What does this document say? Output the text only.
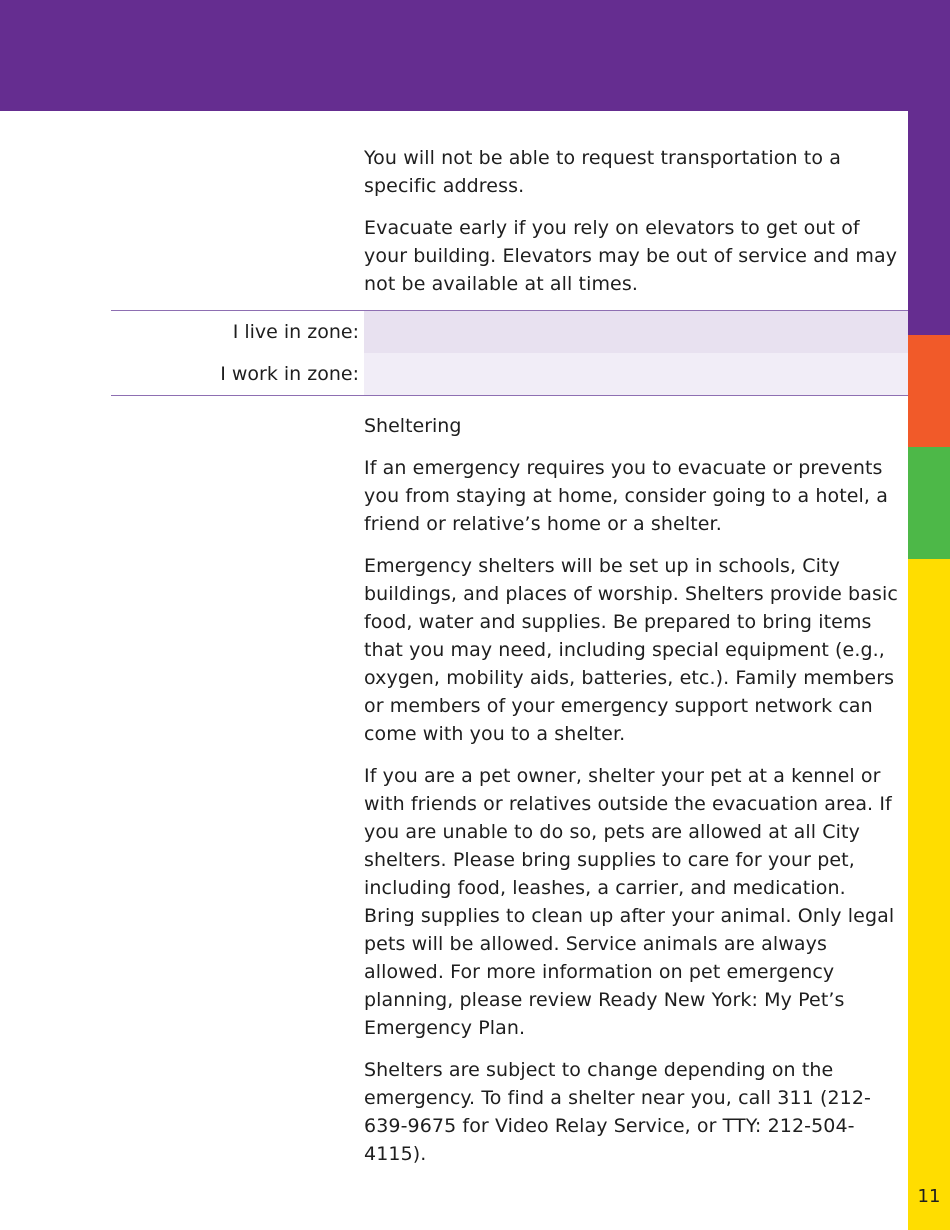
11

You will not be able to request transportation to a specific address.

Evacuate early if you rely on elevators to get out of your building. Elevators may be out of service and may not be available at all times.

I live in zone:
I work in zone:
Sheltering

If an emergency requires you to evacuate or prevents you from staying at home, consider going to a hotel, a friend or relative’s home or a shelter.

Emergency shelters will be set up in schools, City buildings, and places of worship. Shelters provide basic food, water and supplies. Be prepared to bring items that you may need, including special equipment (e.g., oxygen, mobility aids, batteries, etc.). Family members or members of your emergency support network can come with you to a shelter.

If you are a pet owner, shelter your pet at a kennel or with friends or relatives outside the evacuation area. If you are unable to do so, pets are allowed at all City shelters. Please bring supplies to care for your pet, including food, leashes, a carrier, and medication. Bring supplies to clean up after your animal. Only legal pets will be allowed. Service animals are always allowed. For more information on pet emergency planning, please review Ready New York: My Pet’s Emergency Plan.

Shelters are subject to change depending on the emergency. To find a shelter near you, call 311 (212-639-9675 for Video Relay Service, or TTY: 212-504-4115).
